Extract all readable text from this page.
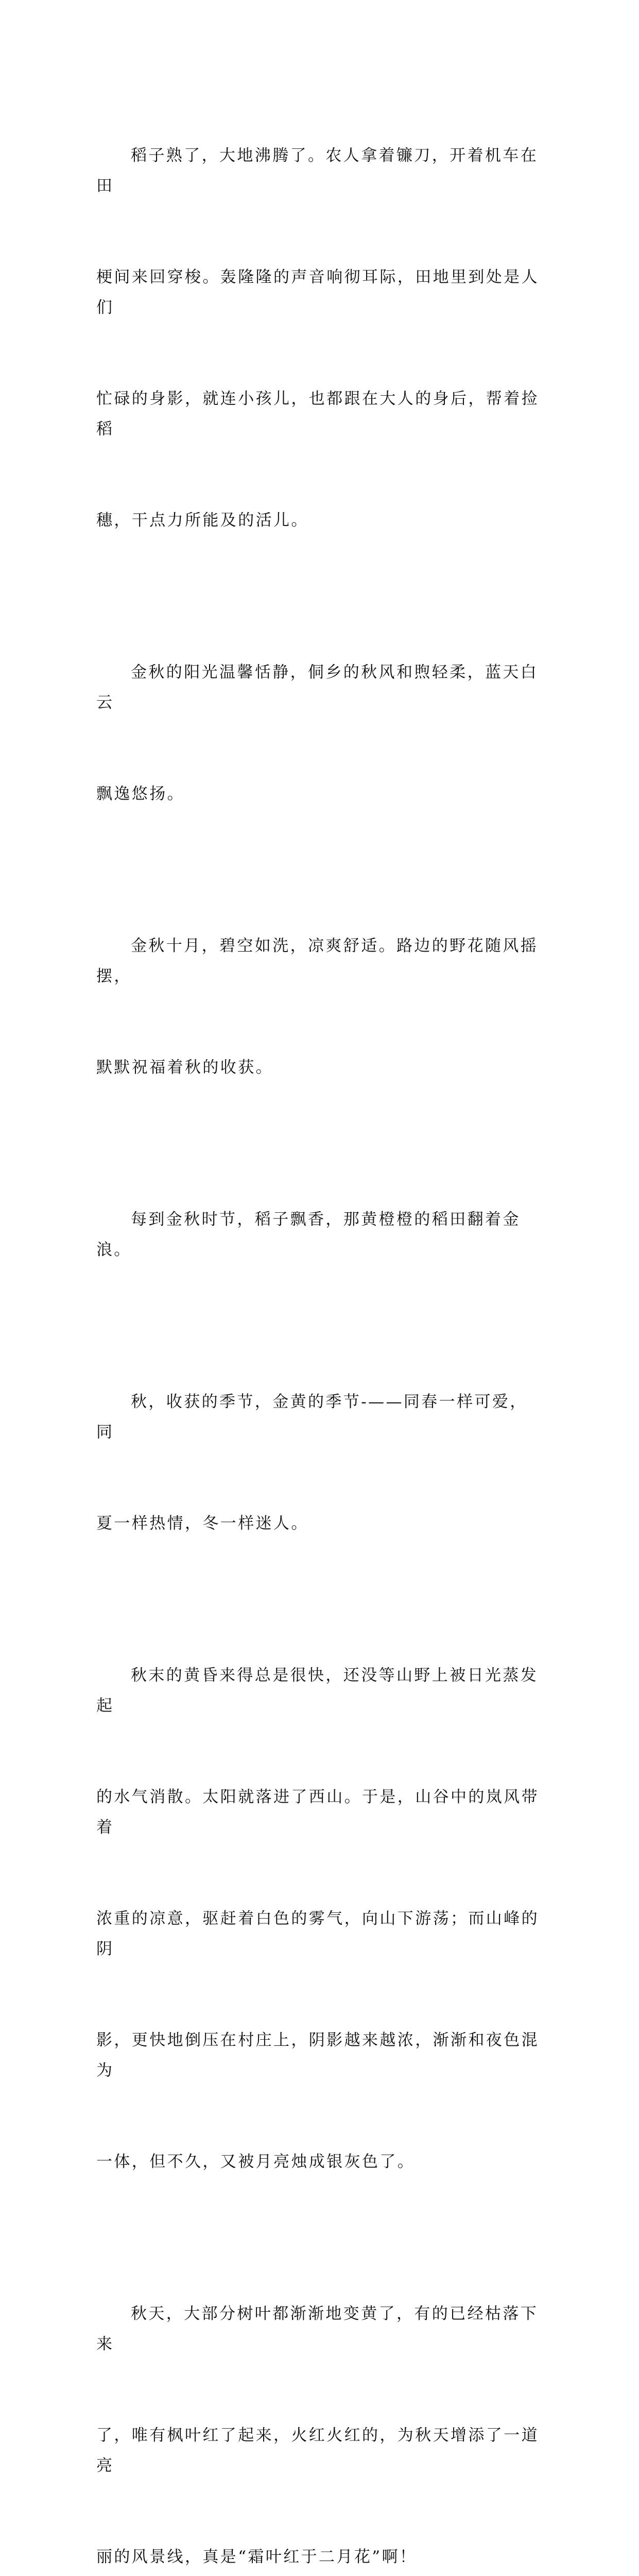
稻子熟了，大地沸腾了。农人拿着镰刀，开着机车在田

梗间来回穿梭。轰隆隆的声音响彻耳际，田地里到处是人们

忙碌的身影，就连小孩儿，也都跟在大人的身后，帮着捡稻

穗，干点力所能及的活儿。

金秋的阳光温馨恬静，侗乡的秋风和煦轻柔，蓝天白云

飘逸悠扬。

金秋十月，碧空如洗，凉爽舒适。路边的野花随风摇摆，

默默祝福着秋的收获。

每到金秋时节，稻子飘香，那黄橙橙的稻田翻着金浪。

秋，收获的季节，金黄的季节-——同春一样可爱，同

夏一样热情，冬一样迷人。

秋末的黄昏来得总是很快，还没等山野上被日光蒸发起

的水气消散。太阳就落进了西山。于是，山谷中的岚风带着

浓重的凉意，驱赶着白色的雾气，向山下游荡；而山峰的阴

影，更快地倒压在村庄上，阴影越来越浓，渐渐和夜色混为

一体，但不久，又被月亮烛成银灰色了。

秋天，大部分树叶都渐渐地变黄了，有的已经枯落下来

了，唯有枫叶红了起来，火红火红的，为秋天增添了一道亮

丽的风景线，真是“霜叶红于二月花”啊！
